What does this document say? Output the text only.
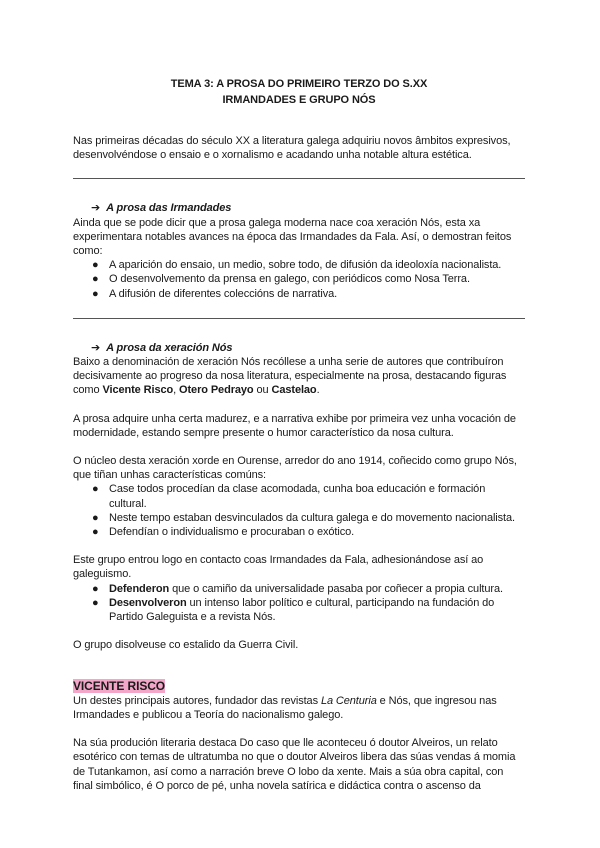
TEMA 3: A PROSA DO PRIMEIRO TERZO DO S.XX

IRMANDADES E GRUPO NÓS

Nas primeiras décadas do século XX a literatura galega adquiriu novos âmbitos expresivos, desenvolvéndose o ensaio e o xornalismo e acadando unha notable altura estética.

➔ A prosa das Irmandades

Ainda que se pode dicir que a prosa galega moderna nace coa xeración Nós, esta xa experimentara notables avances na época das Irmandades da Fala. Así, o demostran feitos como:

● A aparición do ensaio, un medio, sobre todo, de difusión da ideoloxía nacionalista.
● O desenvolvemento da prensa en galego, con periódicos como Nosa Terra.
● A difusión de diferentes coleccións de narrativa.

➔ A prosa da xeración Nós

Baixo a denominación de xeración Nós recóllese a unha serie de autores que contribuíron decisivamente ao progreso da nosa literatura, especialmente na prosa, destacando figuras como Vicente Risco, Otero Pedrayo ou Castelao.

A prosa adquire unha certa madurez, e a narrativa exhibe por primeira vez unha vocación de modernidade, estando sempre presente o humor característico da nosa cultura.

O núcleo desta xeración xorde en Ourense, arredor do ano 1914, coñecido como grupo Nós, que tiñan unhas características comúns:

● Case todos procedían da clase acomodada, cunha boa educación e formación cultural.
● Neste tempo estaban desvinculados da cultura galega e do movemento nacionalista.
● Defendían o individualismo e procuraban o exótico.

Este grupo entrou logo en contacto coas Irmandades da Fala, adhesionándose así ao galeguismo.

● Defenderon que o camiño da universalidade pasaba por coñecer a propia cultura.
● Desenvolveron un intenso labor político e cultural, participando na fundación do Partido Galeguista e a revista Nós.

O grupo disolveuse co estalido da Guerra Civil.

VICENTE RISCO

Un destes principais autores, fundador das revistas La Centuria e Nós, que ingresou nas Irmandades e publicou a Teoría do nacionalismo galego.

Na súa produción literaria destaca Do caso que lle aconteceu ó doutor Alveiros, un relato esotérico con temas de ultratumba no que o doutor Alveiros libera das súas vendas á momia de Tutankamon, así como a narración breve O lobo da xente. Mais a súa obra capital, con final simbólico, é O porco de pé, unha novela satírica e didáctica contra o ascenso da
